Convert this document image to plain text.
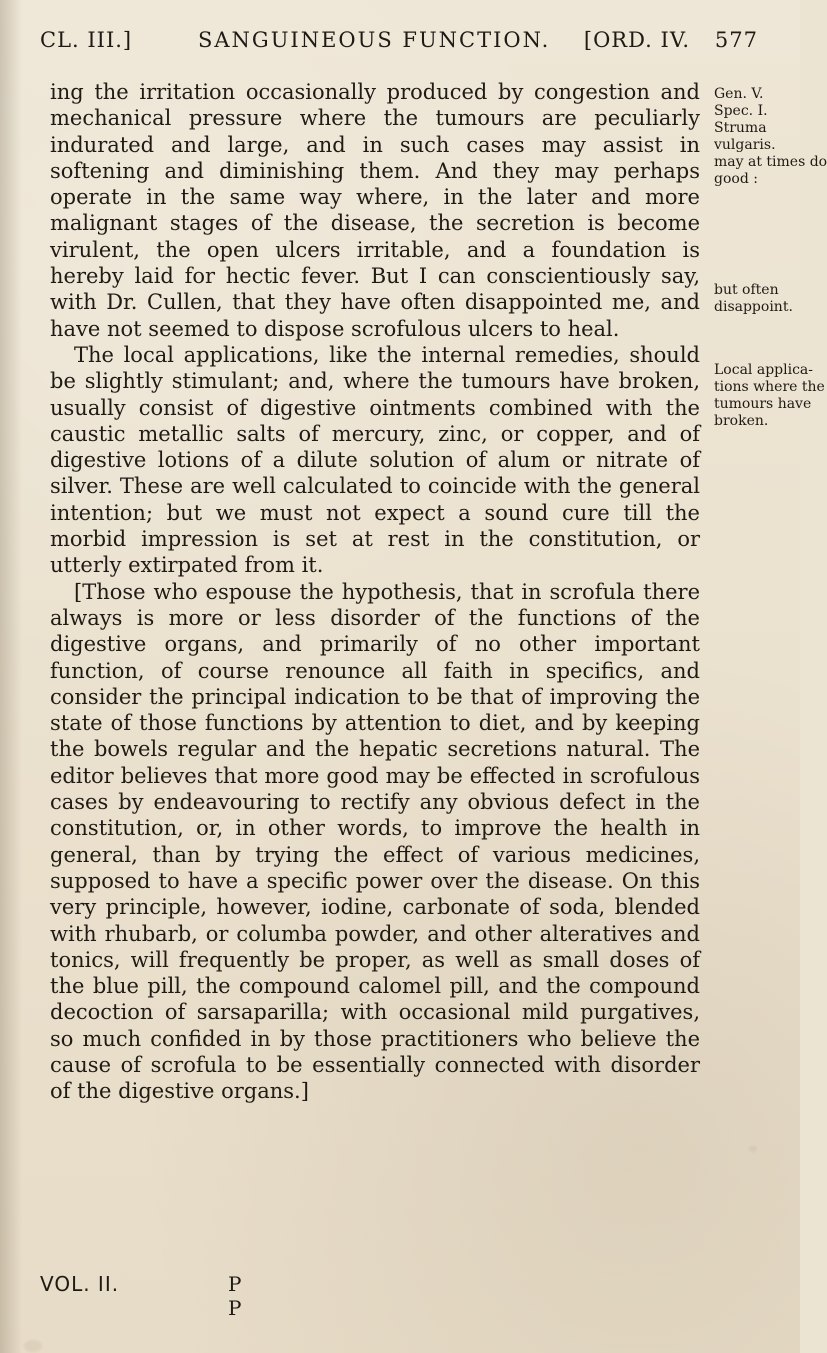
CL. III.]	SANGUINEOUS FUNCTION. [ORD. IV. 577

ing the irritation occasionally produced by congestion and mechanical pressure where the tumours are peculiarly indurated and large, and in such cases may assist in softening and diminishing them. And they may perhaps operate in the same way where, in the later and more malignant stages of the disease, the secretion is become virulent, the open ulcers irritable, and a foundation is hereby laid for hectic fever. But I can conscientiously say, with Dr. Cullen, that they have often disappointed me, and have not seemed to dispose scrofulous ulcers to heal.

The local applications, like the internal remedies, should be slightly stimulant; and, where the tumours have broken, usually consist of digestive ointments combined with the caustic metallic salts of mercury, zinc, or copper, and of digestive lotions of a dilute solution of alum or nitrate of silver. These are well calculated to coincide with the general intention; but we must not expect a sound cure till the morbid impression is set at rest in the constitution, or utterly extirpated from it.

[Those who espouse the hypothesis, that in scrofula there always is more or less disorder of the functions of the digestive organs, and primarily of no other important function, of course renounce all faith in specifics, and consider the principal indication to be that of improving the state of those functions by attention to diet, and by keeping the bowels regular and the hepatic secretions natural. The editor believes that more good may be effected in scrofulous cases by endeavouring to rectify any obvious defect in the constitution, or, in other words, to improve the health in general, than by trying the effect of various medicines, supposed to have a specific power over the disease. On this very principle, however, iodine, carbonate of soda, blended with rhubarb, or columba powder, and other alteratives and tonics, will frequently be proper, as well as small doses of the blue pill, the compound calomel pill, and the compound decoction of sarsaparilla; with occasional mild purgatives, so much confided in by those practitioners who believe the cause of scrofula to be essentially connected with disorder of the digestive organs.]

Gen. V.
Spec. I.
Struma
vulgaris.
may at times do
good :
but often
disappoint.
Local applica-
tions where the
tumours have
broken.
VOL. II.	P P
